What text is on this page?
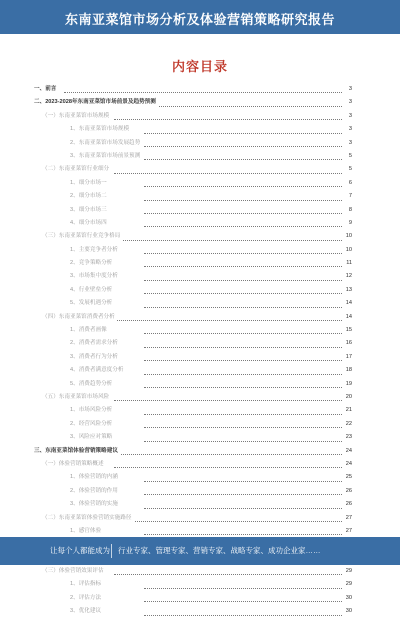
东南亚菜馆市场分析及体验营销策略研究报告
内容目录
一、前言	3
二、2023-2028年东南亚菜馆市场前景及趋势预测	3
（一）东南亚菜馆市场规模	3
1、东南亚菜馆市场规模	3
2、东南亚菜馆市场发展趋势	3
3、东南亚菜馆市场前景预测	5
（二）东南亚菜馆行业细分	5
1、细分市场一	6
2、细分市场二	7
3、细分市场三	8
4、细分市场四	9
（三）东南亚菜馆行业竞争格局	10
1、主要竞争者分析	10
2、竞争策略分析	11
3、市场集中度分析	12
4、行业壁垒分析	13
5、发展机遇分析	14
（四）东南亚菜馆消费者分析	14
1、消费者画像	15
2、消费者需求分析	16
3、消费者行为分析	17
4、消费者满意度分析	18
5、消费趋势分析	19
（五）东南亚菜馆市场风险	20
1、市场风险分析	21
2、经营风险分析	22
3、风险应对策略	23
三、东南亚菜馆体验营销策略建议	24
（一）体验营销策略概述	24
1、体验营销的内涵	25
2、体验营销的作用	26
3、体验营销的实施	26
（二）东南亚菜馆体验营销实施路径	27
1、感官体验	27
（三）体验营销效果评估	29
1、评估指标	29
2、评估方法	30
3、优化建议	30
让每个人都能成为 行业专家、管理专家、营销专家、战略专家、成功企业家……
